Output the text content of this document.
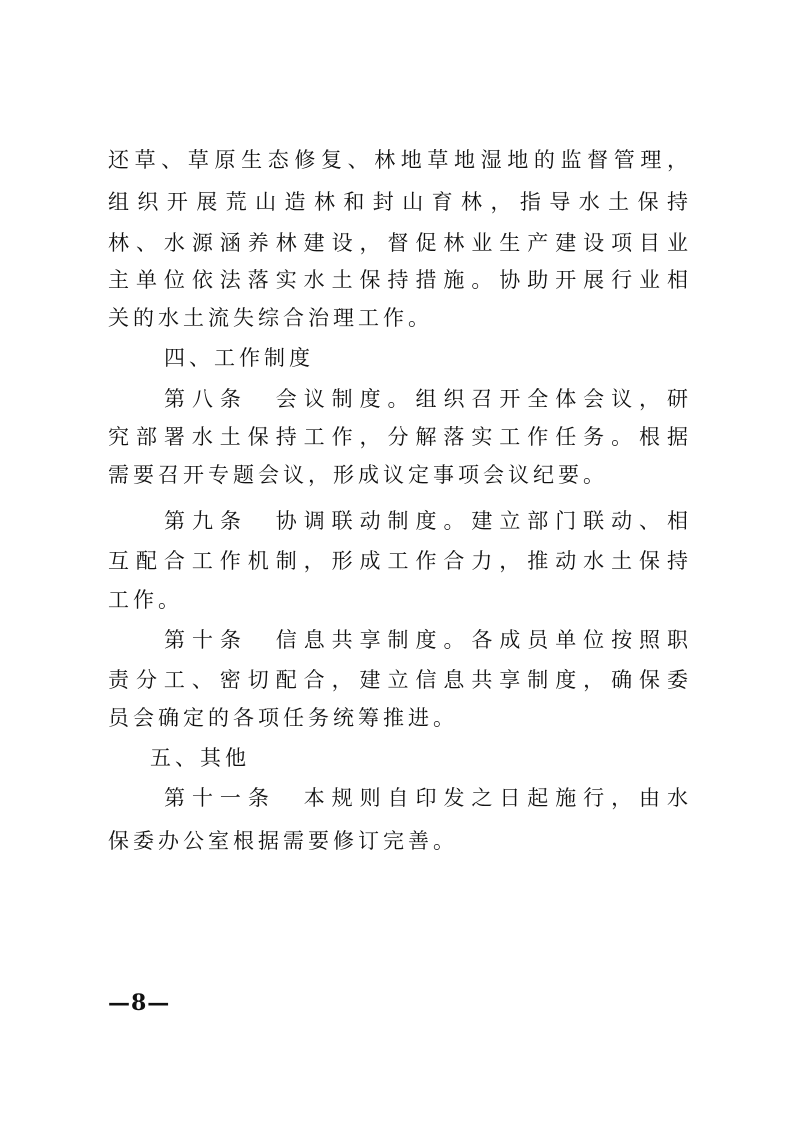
还草、草原生态修复、林地草地湿地的监督管理，
组织开展荒山造林和封山育林，指导水土保持
林、水源涵养林建设，督促林业生产建设项目业
主单位依法落实水土保持措施。协助开展行业相
关的水土流失综合治理工作。
四、工作制度
第八条　会议制度。组织召开全体会议，研
究部署水土保持工作，分解落实工作任务。根据
需要召开专题会议，形成议定事项会议纪要。
第九条　协调联动制度。建立部门联动、相
互配合工作机制，形成工作合力，推动水土保持
工作。
第十条　信息共享制度。各成员单位按照职
责分工、密切配合，建立信息共享制度，确保委
员会确定的各项任务统筹推进。
五、其他
第十一条　本规则自印发之日起施行，由水
保委办公室根据需要修订完善。
—8—
